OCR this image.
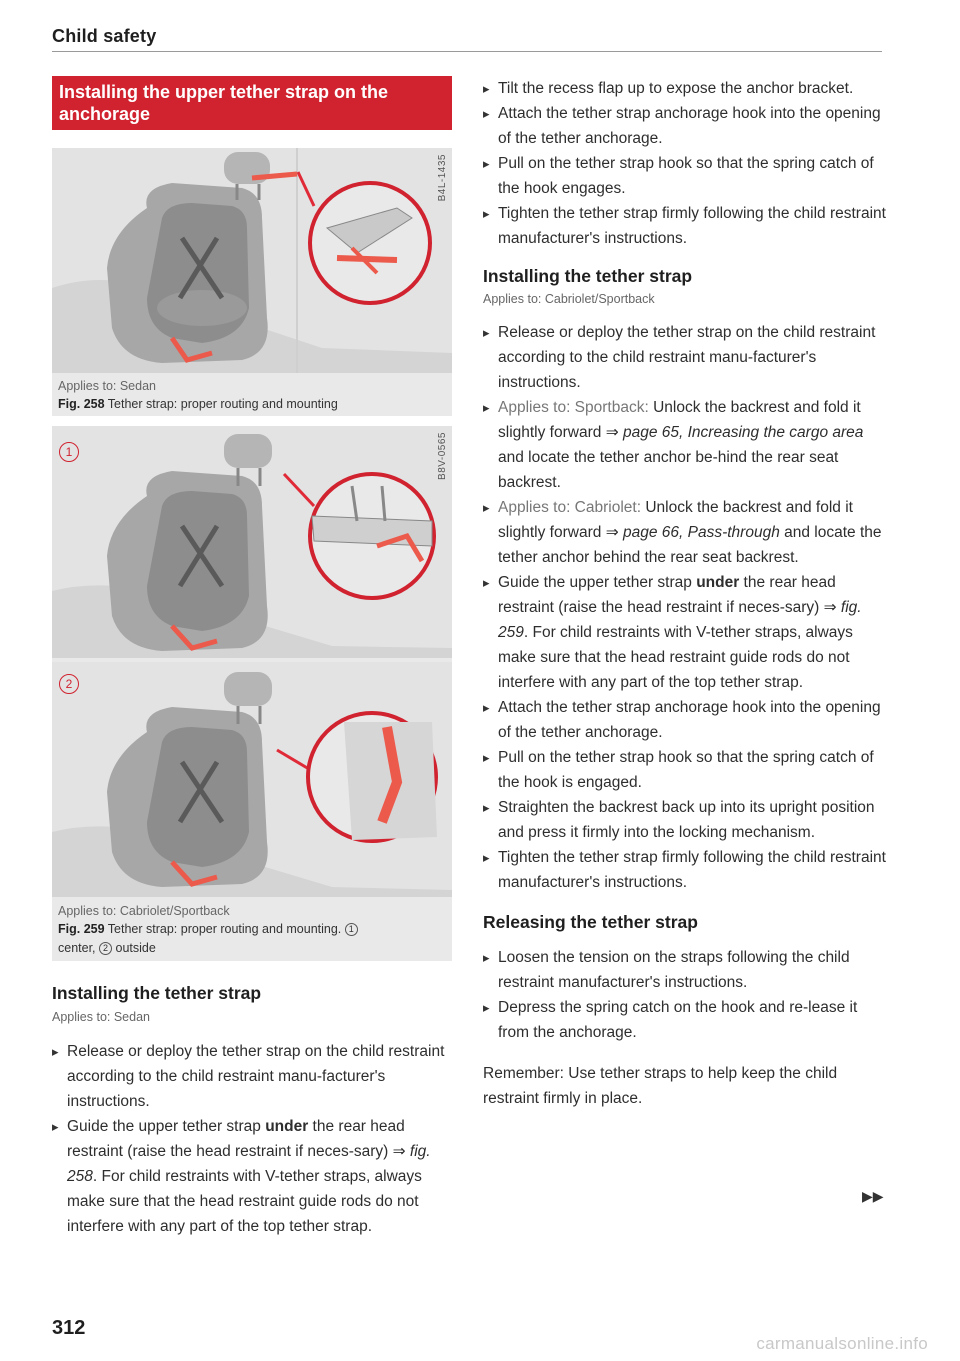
Child safety
Installing the upper tether strap on the anchorage
B4L-1435
Applies to: Sedan
Fig. 258 Tether strap: proper routing and mounting
1
2
B8V-0565
Applies to: Cabriolet/Sportback
Fig. 259 Tether strap: proper routing and mounting. 1
center, 2 outside
Installing the tether strap
Applies to: Sedan
▸ Release or deploy the tether strap on the child restraint according to the child restraint manu-facturer's instructions.
▸ Guide the upper tether strap under the rear head restraint (raise the head restraint if neces-sary) ⇒ fig. 258. For child restraints with V-tether straps, always make sure that the head restraint guide rods do not interfere with any part of the top tether strap.
▸ Tilt the recess flap up to expose the anchor bracket.
▸ Attach the tether strap anchorage hook into the opening of the tether anchorage.
▸ Pull on the tether strap hook so that the spring catch of the hook engages.
▸ Tighten the tether strap firmly following the child restraint manufacturer's instructions.
Installing the tether strap
Applies to: Cabriolet/Sportback
▸ Release or deploy the tether strap on the child restraint according to the child restraint manu-facturer's instructions.
▸ Applies to: Sportback: Unlock the backrest and fold it slightly forward ⇒ page 65, Increasing the cargo area and locate the tether anchor be-hind the rear seat backrest.
▸ Applies to: Cabriolet: Unlock the backrest and fold it slightly forward ⇒ page 66, Pass-through and locate the tether anchor behind the rear seat backrest.
▸ Guide the upper tether strap under the rear head restraint (raise the head restraint if neces-sary) ⇒ fig. 259. For child restraints with V-tether straps, always make sure that the head restraint guide rods do not interfere with any part of the top tether strap.
▸ Attach the tether strap anchorage hook into the opening of the tether anchorage.
▸ Pull on the tether strap hook so that the spring catch of the hook is engaged.
▸ Straighten the backrest back up into its upright position and press it firmly into the locking mechanism.
▸ Tighten the tether strap firmly following the child restraint manufacturer's instructions.
Releasing the tether strap
▸ Loosen the tension on the straps following the child restraint manufacturer's instructions.
▸ Depress the spring catch on the hook and re-lease it from the anchorage.

Remember: Use tether straps to help keep the child restraint firmly in place.

▶▶
312
carmanualsonline.info
